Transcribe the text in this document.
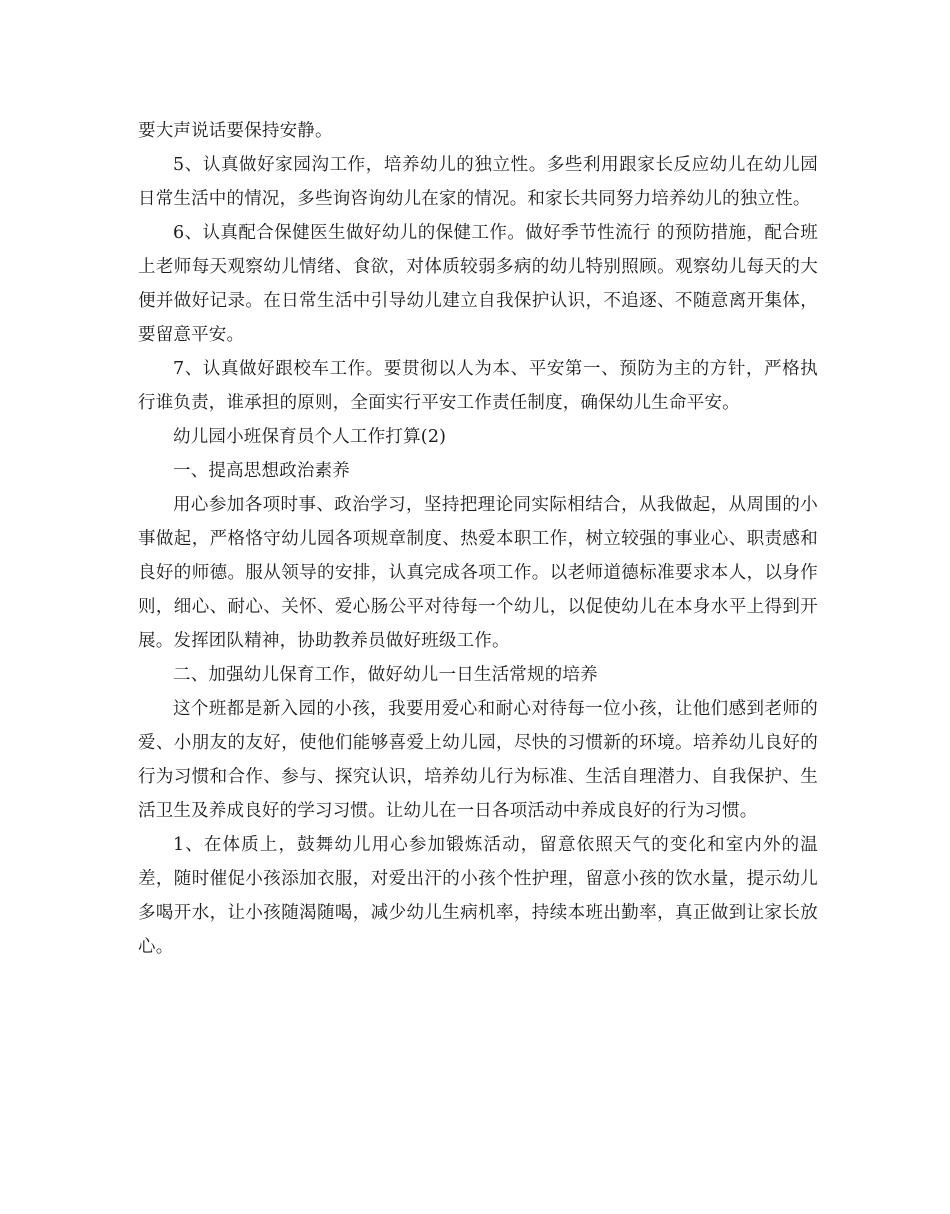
要大声说话要保持安静。

5、认真做好家园沟工作，培养幼儿的独立性。多些利用跟家长反应幼儿在幼儿园日常生活中的情况，多些询咨询幼儿在家的情况。和家长共同努力培养幼儿的独立性。

6、认真配合保健医生做好幼儿的保健工作。做好季节性流行 的预防措施，配合班上老师每天观察幼儿情绪、食欲，对体质较弱多病的幼儿特别照顾。观察幼儿每天的大便并做好记录。在日常生活中引导幼儿建立自我保护认识，不追逐、不随意离开集体，要留意平安。

7、认真做好跟校车工作。要贯彻以人为本、平安第一、预防为主的方针，严格执行谁负责，谁承担的原则，全面实行平安工作责任制度，确保幼儿生命平安。

幼儿园小班保育员个人工作打算(2)

一、提高思想政治素养

用心参加各项时事、政治学习，坚持把理论同实际相结合，从我做起，从周围的小事做起，严格恪守幼儿园各项规章制度、热爱本职工作，树立较强的事业心、职责感和良好的师德。服从领导的安排，认真完成各项工作。以老师道德标准要求本人，以身作则，细心、耐心、关怀、爱心肠公平对待每一个幼儿，以促使幼儿在本身水平上得到开展。发挥团队精神，协助教养员做好班级工作。

二、加强幼儿保育工作，做好幼儿一日生活常规的培养

这个班都是新入园的小孩，我要用爱心和耐心对待每一位小孩，让他们感到老师的爱、小朋友的友好，使他们能够喜爱上幼儿园，尽快的习惯新的环境。培养幼儿良好的行为习惯和合作、参与、探究认识，培养幼儿行为标准、生活自理潜力、自我保护、生活卫生及养成良好的学习习惯。让幼儿在一日各项活动中养成良好的行为习惯。

1、在体质上，鼓舞幼儿用心参加锻炼活动，留意依照天气的变化和室内外的温差，随时催促小孩添加衣服，对爱出汗的小孩个性护理，留意小孩的饮水量，提示幼儿多喝开水，让小孩随渴随喝，减少幼儿生病机率，持续本班出勤率，真正做到让家长放心。
